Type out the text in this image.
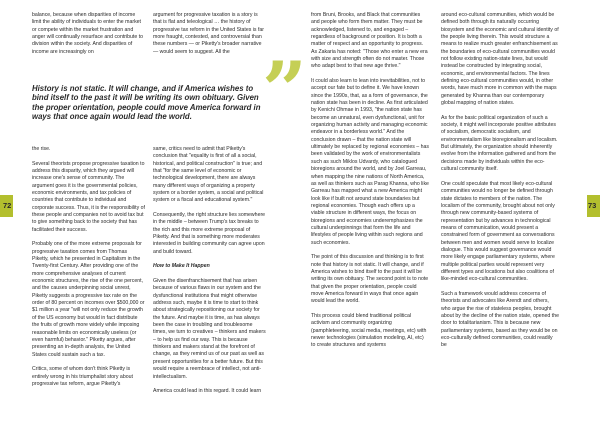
72	73

balance, because when disparities of income limit the ability of individuals to enter the market or compete within the market frustration and anger will continually resurface and contribute to division within the society. And disparities of income are increasingly on

argument for progressive taxation is a story is that is flat and teleological … the history of progressive tax reform in the United States is far more fraught, contested, and controversial than these numbers — or Piketty's broader narrative — would seem to suggest. All the

History is not static. It will change, and if America wishes to bind itself to the past it will be writing its own obituary. Given the proper orientation, people could move America forward in ways that once again would lead the world. ”

the rise.

Several theorists propose progressive taxation to address this disparity, which they argued will increase one's sense of community. The argument goes it is the governmental policies, economic environments, and tax policies of countries that contribute to individual and corporate success. Thus, it is the responsibility of these people and companies not to avoid tax but to give something back to the society that has facilitated their success.

Probably one of the more extreme proposals for progressive taxation comes from Thomas Piketty, which he presented in Capitalism in the Twenty-first Century. After providing one of the more comprehensive analyses of current economic structures, the rise of the one percent, and the causes underpinning social unrest, Piketty suggests a progressive tax rate on the order of 80 percent on incomes over $500,000 or $1 million a year "will not only reduce the growth of the US economy but would in fact distribute the fruits of growth more widely while imposing reasonable limits on economically useless (or even harmful) behavior." Piketty argues, after presenting an in-depth analysis, the United States could sustain such a tax.

Critics, some of whom don't think Piketty is entirely wrong in his triumphalist story about progressive tax reform, argue Piketty's

same, critics need to admit that Piketty's conclusion that "equality is first of all a social, historical, and political construction" is true; and that "for the same level of economic or technological development, there are always many different ways of organizing a property system or a border system, a social and political system or a fiscal and educational system."

Consequently, the right structure lies somewhere in the middle – between Trump's tax breaks to the rich and this more extreme proposal of Piketty. And that is something more moderates interested in building community can agree upon and build toward.

How to Make It Happen

Given the disenfranchisement that has arisen because of various flaws in our system and the dysfunctional institutions that might otherwise address such, maybe it is time to start to think about strategically repositioning our society for the future. And maybe it is time, as has always been the case in troubling and troublesome times, we turn to creatives – thinkers and makers – to help us find our way. This is because thinkers and makers stand at the forefront of change, as they remind us of our past as well as present opportunities for a better future. But this would require a reembrace of intellect, not anti-intellectualism.

America could lead in this regard. It could learn

from Bruni, Brooks, and Black that communities and people who form them matter. They must be acknowledged, listened to, and engaged – regardless of background or position. It is both a matter of respect and an opportunity to progress. As Zakaria has noted: "Those who enter a new era with size and strength often do not master. Those who adapt best to that new age thrive."

It could also learn to lean into inevitabilities, not to accept our fate but to define it. We have known since the 1990s, that, as a form of governance, the nation state has been in decline. As first articulated by Kenichi Ohmae in 1993, "the nation state has become an unnatural, even dysfunctional, unit for organizing human activity and managing economic endeavor in a borderless world." And the conclusion drawn – that the nation state will ultimately be replaced by regional economies – has been validated by the work of environmentalists such as such Miklos Udvardy, who catalogued bioregions around the world, and by Joel Garreau, when mapping the nine nations of North America, as well as thinkers such as Parag Khanna, who like Garreau has mapped what a new America might look like if built not around state boundaries but regional economies. Though each offers up a viable structure in different ways, the focus on bioregions and economies underemphasizes the cultural underpinnings that form the life and lifestyles of people living within such regions and such economies.

The point of this discussion and thinking is to first note that history is not static. It will change, and if America wishes to bind itself to the past it will be writing its own obituary. The second point is to note that given the proper orientation, people could move America forward in ways that once again would lead the world.

This process could blend traditional political activism and community organizing (pamphleteering, social media, meetings, etc) with newer technologies (simulation modeling, AI, etc) to create structures and systems

around eco-cultural communities, which would be defined both through its naturally occurring biosystem and the economic and cultural identity of the people living therein. This would structure a means to realize much greater enfranchisement as the boundaries of eco-cultural communities would not follow existing nation-state lines, but would instead be constructed by integrating social, economic, and environmental factors. The lines defining eco-cultural communities would, in other words, have much more in common with the maps generated by Khanna than our contemporary global mapping of nation states.

As for the basic political organization of such a society, it might well incorporate positive attributes of socialism, democratic socialism, and environmentalism like bioregionalism and localism. But ultimately, the organization should inherently evolve from the information gathered and from the decisions made by individuals within the eco-cultural community itself.

One could speculate that most likely eco-cultural communities would no longer be defined through state dictates to members of the nation. The localism of the community, brought about not only through new community-based systems of representation but by advances in technological means of communication, would present a constrained form of government as conversations between men and women would serve to localize dialogue. This would suggest governance would more likely engage parliamentary systems, where multiple political parties would represent very different types and locations but also coalitions of like-minded eco-cultural communities.

Such a framework would address concerns of theorists and advocates like Arendt and others, who argue the rise of stateless peoples, brought about by the decline of the nation state, opened the door to totalitarianism. This is because new parliamentary systems, based as they would be on eco-culturally defined communities, could readily be
